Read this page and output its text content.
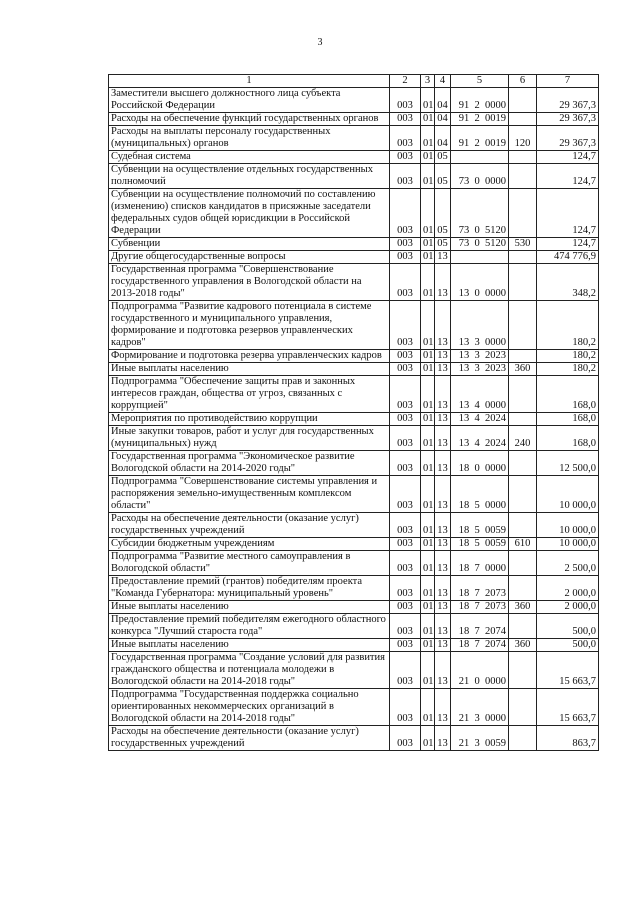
3
1	2	3	4	5	6	7
Заместители высшего должностного лица субъекта Российской Федерации	003	01	04	91  2  0000		29 367,3
Расходы на обеспечение функций государственных органов	003	01	04	91  2  0019		29 367,3
Расходы на выплаты персоналу государственных (муниципальных) органов	003	01	04	91  2  0019	120	29 367,3
Судебная система	003	01	05			124,7
Субвенции на осуществление отдельных государственных полномочий	003	01	05	73  0  0000		124,7
Субвенции на осуществление полномочий по составлению (изменению) списков кандидатов в присяжные заседатели федеральных судов общей юрисдикции в Российской Федерации	003	01	05	73  0  5120		124,7
Субвенции	003	01	05	73  0  5120	530	124,7
Другие общегосударственные вопросы	003	01	13			474 776,9
Государственная программа "Совершенствование государственного управления в Вологодской области на 2013-2018 годы"	003	01	13	13  0  0000		348,2
Подпрограмма "Развитие кадрового потенциала в системе государственного и муниципального управления, формирование и подготовка резервов управленческих кадров"	003	01	13	13  3  0000		180,2
Формирование и подготовка резерва управленческих кадров	003	01	13	13  3  2023		180,2
Иные выплаты населению	003	01	13	13  3  2023	360	180,2
Подпрограмма "Обеспечение защиты прав и законных интересов граждан, общества от угроз, связанных с коррупцией"	003	01	13	13  4  0000		168,0
Мероприятия по противодействию коррупции	003	01	13	13  4  2024		168,0
Иные закупки товаров, работ и услуг для государственных (муниципальных) нужд	003	01	13	13  4  2024	240	168,0
Государственная программа "Экономическое развитие Вологодской области на 2014-2020 годы"	003	01	13	18  0  0000		12 500,0
Подпрограмма "Совершенствование системы управления и распоряжения земельно-имущественным комплексом области"	003	01	13	18  5  0000		10 000,0
Расходы на обеспечение деятельности (оказание услуг) государственных учреждений	003	01	13	18  5  0059		10 000,0
Субсидии бюджетным учреждениям	003	01	13	18  5  0059	610	10 000,0
Подпрограмма "Развитие местного самоуправления в Вологодской области"	003	01	13	18  7  0000		2 500,0
Предоставление премий (грантов) победителям проекта "Команда Губернатора: муниципальный уровень"	003	01	13	18  7  2073		2 000,0
Иные выплаты населению	003	01	13	18  7  2073	360	2 000,0
Предоставление премий победителям ежегодного областного конкурса "Лучший староста года"	003	01	13	18  7  2074		500,0
Иные выплаты населению	003	01	13	18  7  2074	360	500,0
Государственная программа "Создание условий для развития гражданского общества и потенциала молодежи в Вологодской области на 2014-2018 годы"	003	01	13	21  0  0000		15 663,7
Подпрограмма "Государственная поддержка социально ориентированных некоммерческих организаций в Вологодской области на 2014-2018 годы"	003	01	13	21  3  0000		15 663,7
Расходы на обеспечение деятельности (оказание услуг) государственных учреждений	003	01	13	21  3  0059		863,7
